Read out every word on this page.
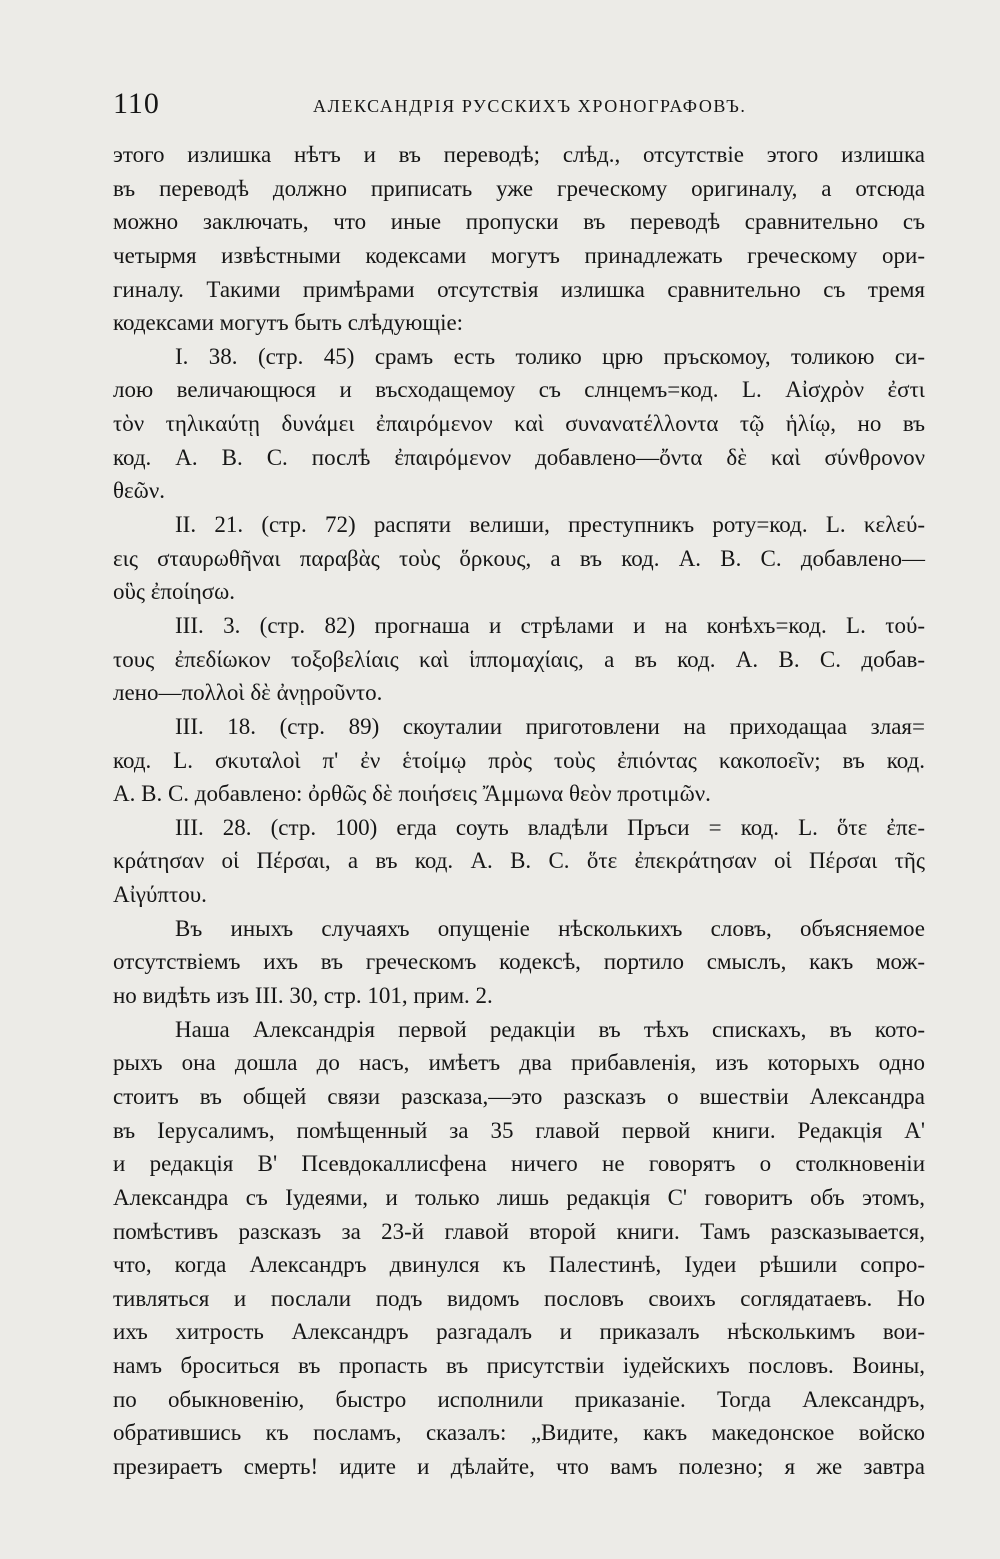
110	АЛЕКСАНДРІЯ РУССКИХЪ ХРОНОГРАФОВЪ.
этого излишка нѣтъ и въ переводѣ; слѣд., отсутствіе этого излишка
въ переводѣ должно приписать уже греческому оригиналу, а отсюда
можно заключать, что иные пропуски въ переводѣ сравнительно съ
четырмя извѣстными кодексами могутъ принадлежать греческому ори-
гиналу. Такими примѣрами отсутствія излишка сравнительно съ тремя
кодексами могутъ быть слѣдующіе:
I. 38. (стр. 45) срамъ есть толико црю пръскомоу, толикою си-
лою величающюся и въсходащемоу съ слнцемъ=код. L. Αἰσχρὸν ἐστι
τὸν τηλικαύτῃ δυνάμει ἐπαιρόμενον καὶ συνανατέλλοντα τῷ ἡλίῳ, но въ
код. A. B. C. послѣ ἐπαιρόμενον добавлено—ὄντα δὲ καὶ σύνθρονον
θεῶν.
II. 21. (стр. 72) распяти велиши, преступникъ роту=код. L. κελεύ-
εις σταυρωθῆναι παραβὰς τοὺς ὅρκους, а въ код. A. B. C. добавлено—
οὓς ἐποίησω.
III. 3. (стр. 82) прогнаша и стрѣлами и на конѣхъ=код. L. τού-
τους ἐπεδίωκον τοξοβελίαις καὶ ἱππομαχίαις, а въ код. A. B. C. добав-
лено—πολλοὶ δὲ ἀνῃροῦντο.
III. 18. (стр. 89) скоуталии приготовлени на приходащаа злая=
код. L. σκυταλοὶ π' ἐν ἑτοίμῳ πρὸς τοὺς ἐπιόντας κακοποεῖν; въ код.
A. B. C. добавлено: ὀρθῶς δὲ ποιήσεις Ἄμμωνα θεὸν προτιμῶν.
III. 28. (стр. 100) егда соуть владѣли Пръси = код. L. ὅτε ἐπε-
κράτησαν οἱ Πέρσαι, а въ код. A. B. C. ὅτε ἐπεκράτησαν οἱ Πέρσαι τῆς
Αἰγύπτου.
Въ иныхъ случаяхъ опущеніе нѣсколькихъ словъ, объясняемое
отсутствіемъ ихъ въ греческомъ кодексѣ, портило смыслъ, какъ мож-
но видѣть изъ III. 30, стр. 101, прим. 2.
Наша Александрія первой редакціи въ тѣхъ спискахъ, въ кото-
рыхъ она дошла до насъ, имѣетъ два прибавленія, изъ которыхъ одно
стоитъ въ общей связи разсказа,—это разсказъ о вшествіи Александра
въ Іерусалимъ, помѣщенный за 35 главой первой книги. Редакція A'
и редакція B' Псевдокаллисфена ничего не говорятъ о столкновеніи
Александра съ Іудеями, и только лишь редакція C' говоритъ объ этомъ,
помѣстивъ разсказъ за 23-й главой второй книги. Тамъ разсказывается,
что, когда Александръ двинулся къ Палестинѣ, Іудеи рѣшили сопро-
тивляться и послали подъ видомъ пословъ своихъ соглядатаевъ. Но
ихъ хитрость Александръ разгадалъ и приказалъ нѣсколькимъ вои-
намъ броситься въ пропасть въ присутствіи іудейскихъ пословъ. Воины,
по обыкновенію, быстро исполнили приказаніе. Тогда Александръ,
обратившись къ посламъ, сказалъ: „Видите, какъ македонское войско
презираетъ смерть! идите и дѣлайте, что вамъ полезно; я же завтра
